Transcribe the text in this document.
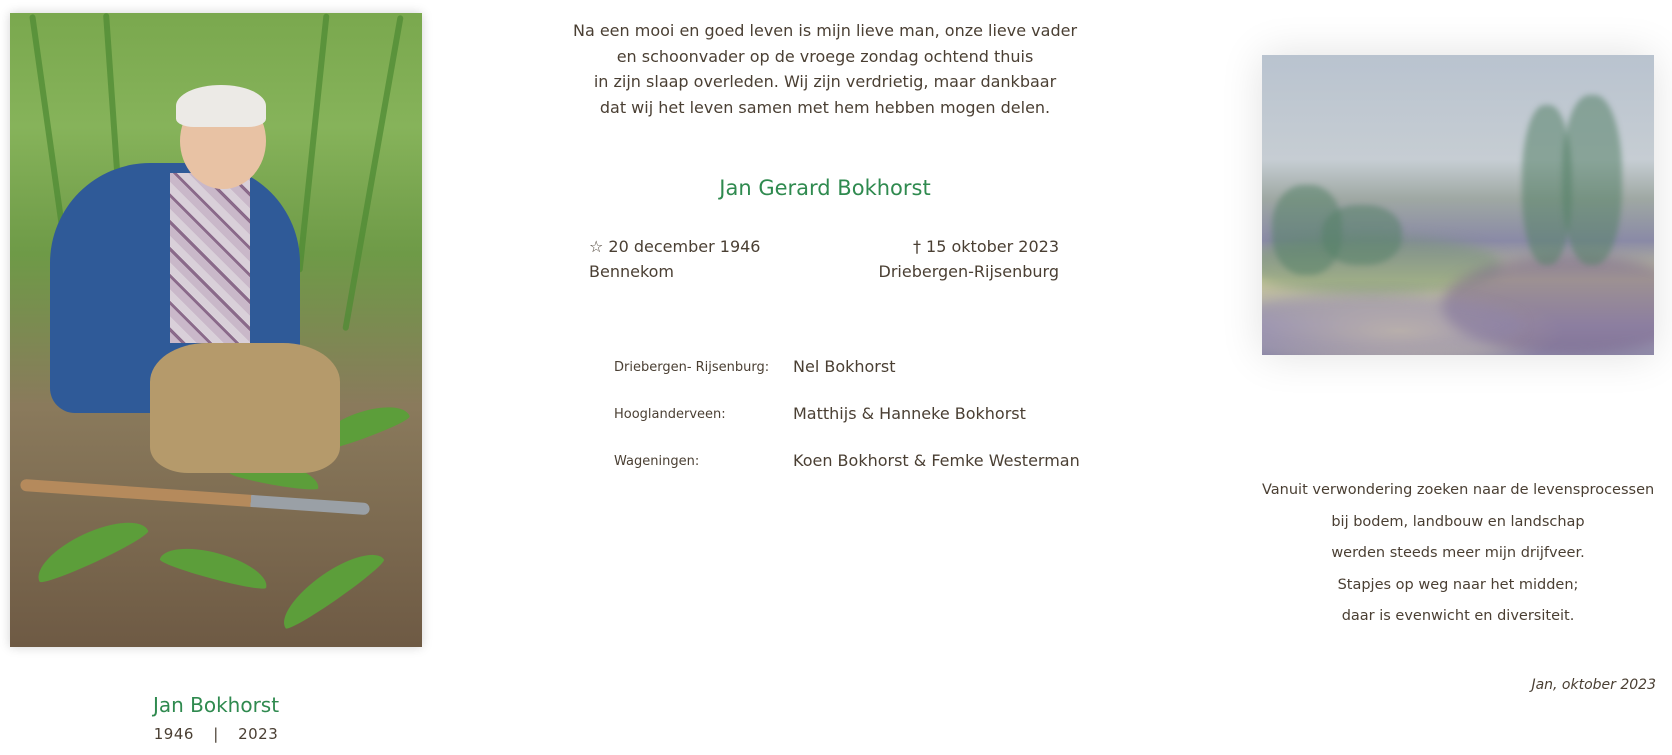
Jan Bokhorst
1946 | 2023
Na een mooi en goed leven is mijn lieve man, onze lieve vader
en schoonvader op de vroege zondag ochtend thuis
in zijn slaap overleden. Wij zijn verdrietig, maar dankbaar
dat wij het leven samen met hem hebben mogen delen.
Jan Gerard Bokhorst
☆ 20 december 1946
Bennekom
† 15 oktober 2023
Driebergen-Rijsenburg
Driebergen- Rijsenburg: Nel Bokhorst
Hooglanderveen:	Matthijs & Hanneke Bokhorst
Wageningen:	Koen Bokhorst & Femke Westerman
Vanuit verwondering zoeken naar de levensprocessen
bij bodem, landbouw en landschap
werden steeds meer mijn drijfveer.
Stapjes op weg naar het midden;
daar is evenwicht en diversiteit.
Jan, oktober 2023
